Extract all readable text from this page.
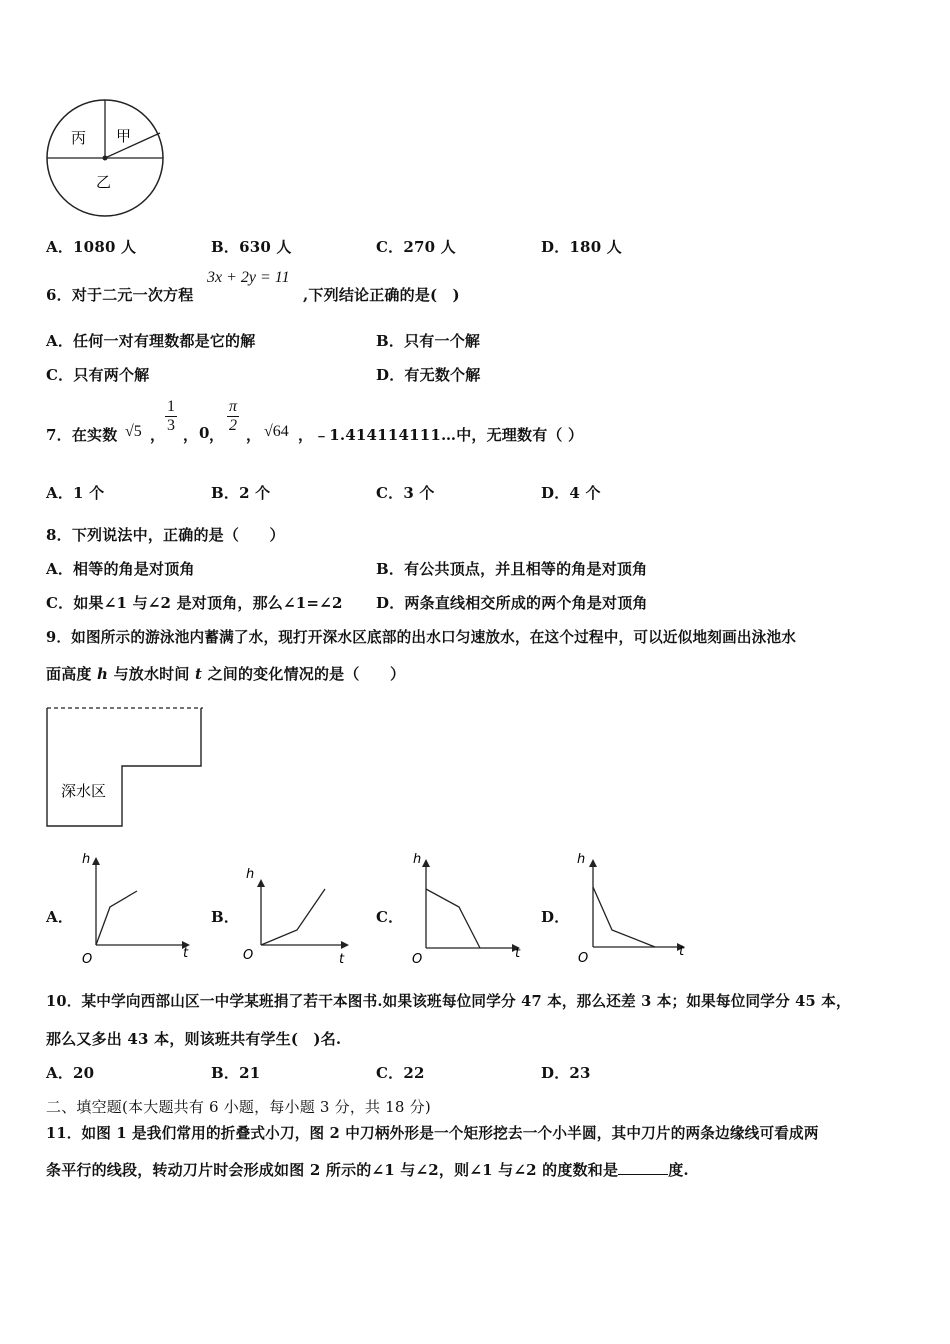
丙 甲
乙
A．1080 人	B．630 人	C．270 人	D．180 人
6．对于二元一次方程
3x + 2y = 11
,下列结论正确的是(　)
A．任何一对有理数都是它的解	B．只有一个解
C．只有两个解	D．有无数个解
7．在实数 √5 ， $\frac{1}{3}$ ， 0 ， $\frac{\pi}{2}$ ， √64 ， ﹣1.414114111…中，无理数有（ ）
A．1 个	B．2 个	C．3 个	D．4 个
8．下列说法中，正确的是（　　）
A．相等的角是对顶角	B．有公共顶点，并且相等的角是对顶角
C．如果∠1 与∠2 是对顶角，那么∠1=∠2 D．两条直线相交所成的两个角是对顶角
9．如图所示的游泳池内蓄满了水，现打开深水区底部的出水口匀速放水，在这个过程中，可以近似地刻画出泳池水
面高度 h 与放水时间 t 之间的变化情况的是（　　）
深水区
A．	B．	C．	D．
h
t
O
h
t
O
h
t
O
h
t
O
10．某中学向西部山区一中学某班捐了若干本图书.如果该班每位同学分 47 本，那么还差 3 本；如果每位同学分 45 本，
那么又多出 43 本，则该班共有学生(　)名.
A．20	B．21	C．22	D．23
二、填空题(本大题共有 6 小题，每小题 3 分，共 18 分)
11．如图 1 是我们常用的折叠式小刀，图 2 中刀柄外形是一个矩形挖去一个小半圆，其中刀片的两条边缘线可看成两
条平行的线段，转动刀片时会形成如图 2 所示的∠1 与∠2，则∠1 与∠2 的度数和是	度.
